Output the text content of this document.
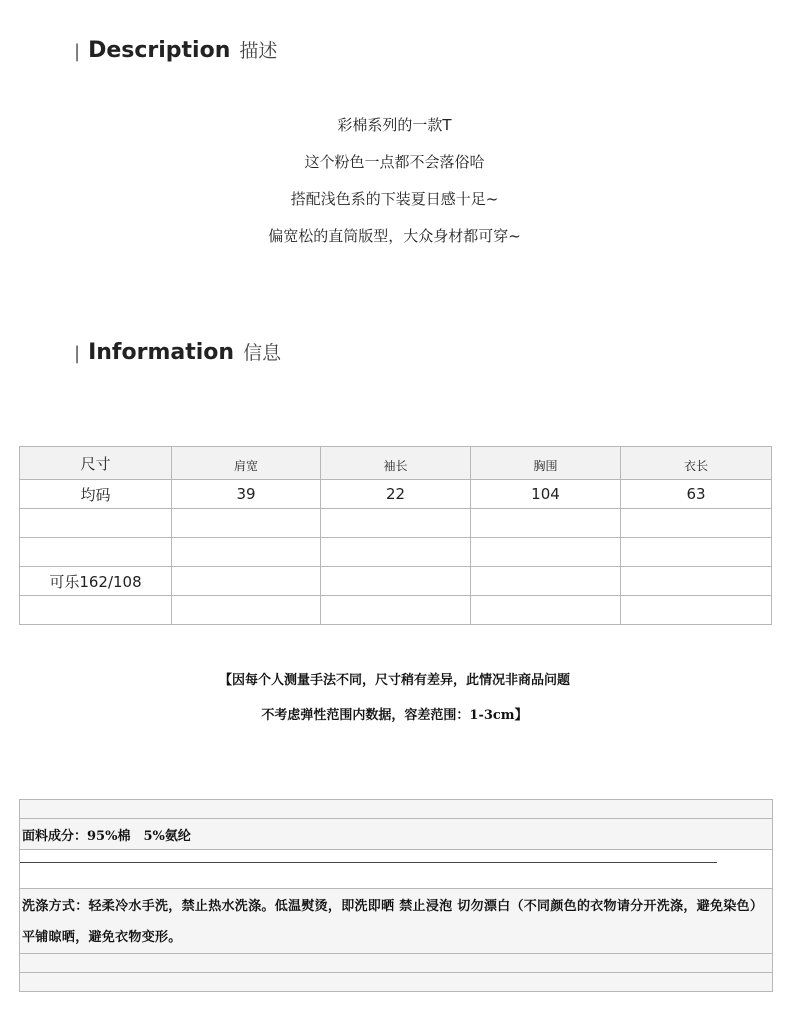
| Description 描述
彩棉系列的一款T
这个粉色一点都不会落俗哈
搭配浅色系的下装夏日感十足~
偏宽松的直筒版型，大众身材都可穿~
| Information 信息
尺寸	肩宽	袖长	胸围	衣长
均码	39	22	104	63

可乐162/108				

【因每个人测量手法不同，尺寸稍有差异，此情况非商品问题
不考虑弹性范围内数据，容差范围：1-3cm】
面料成分：95%棉　5%氨纶
洗涤方式：轻柔冷水手洗，禁止热水洗涤。低温熨烫，即洗即晒 禁止浸泡 切勿漂白（不同颜色的衣物请分开洗涤，避免染色） 平铺晾晒，避免衣物变形。
